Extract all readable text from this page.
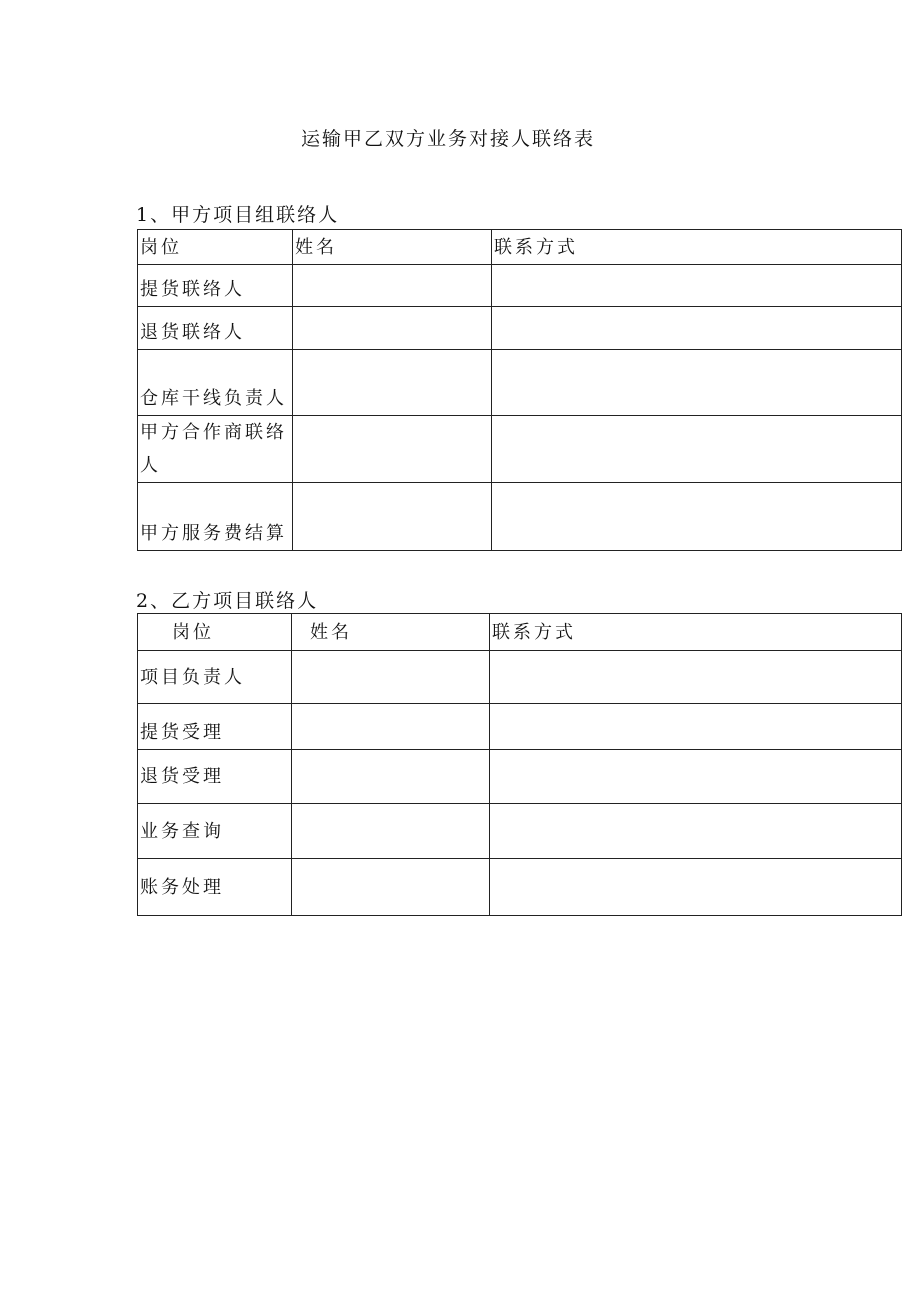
运输甲乙双方业务对接人联络表
1、甲方项目组联络人
岗位	姓名	联系方式
提货联络人		
退货联络人		
仓库干线负责人		
甲方合作商联络人		
甲方服务费结算		
2、乙方项目联络人
岗位	姓名	联系方式
项目负责人		
提货受理		
退货受理		
业务查询		
账务处理		
